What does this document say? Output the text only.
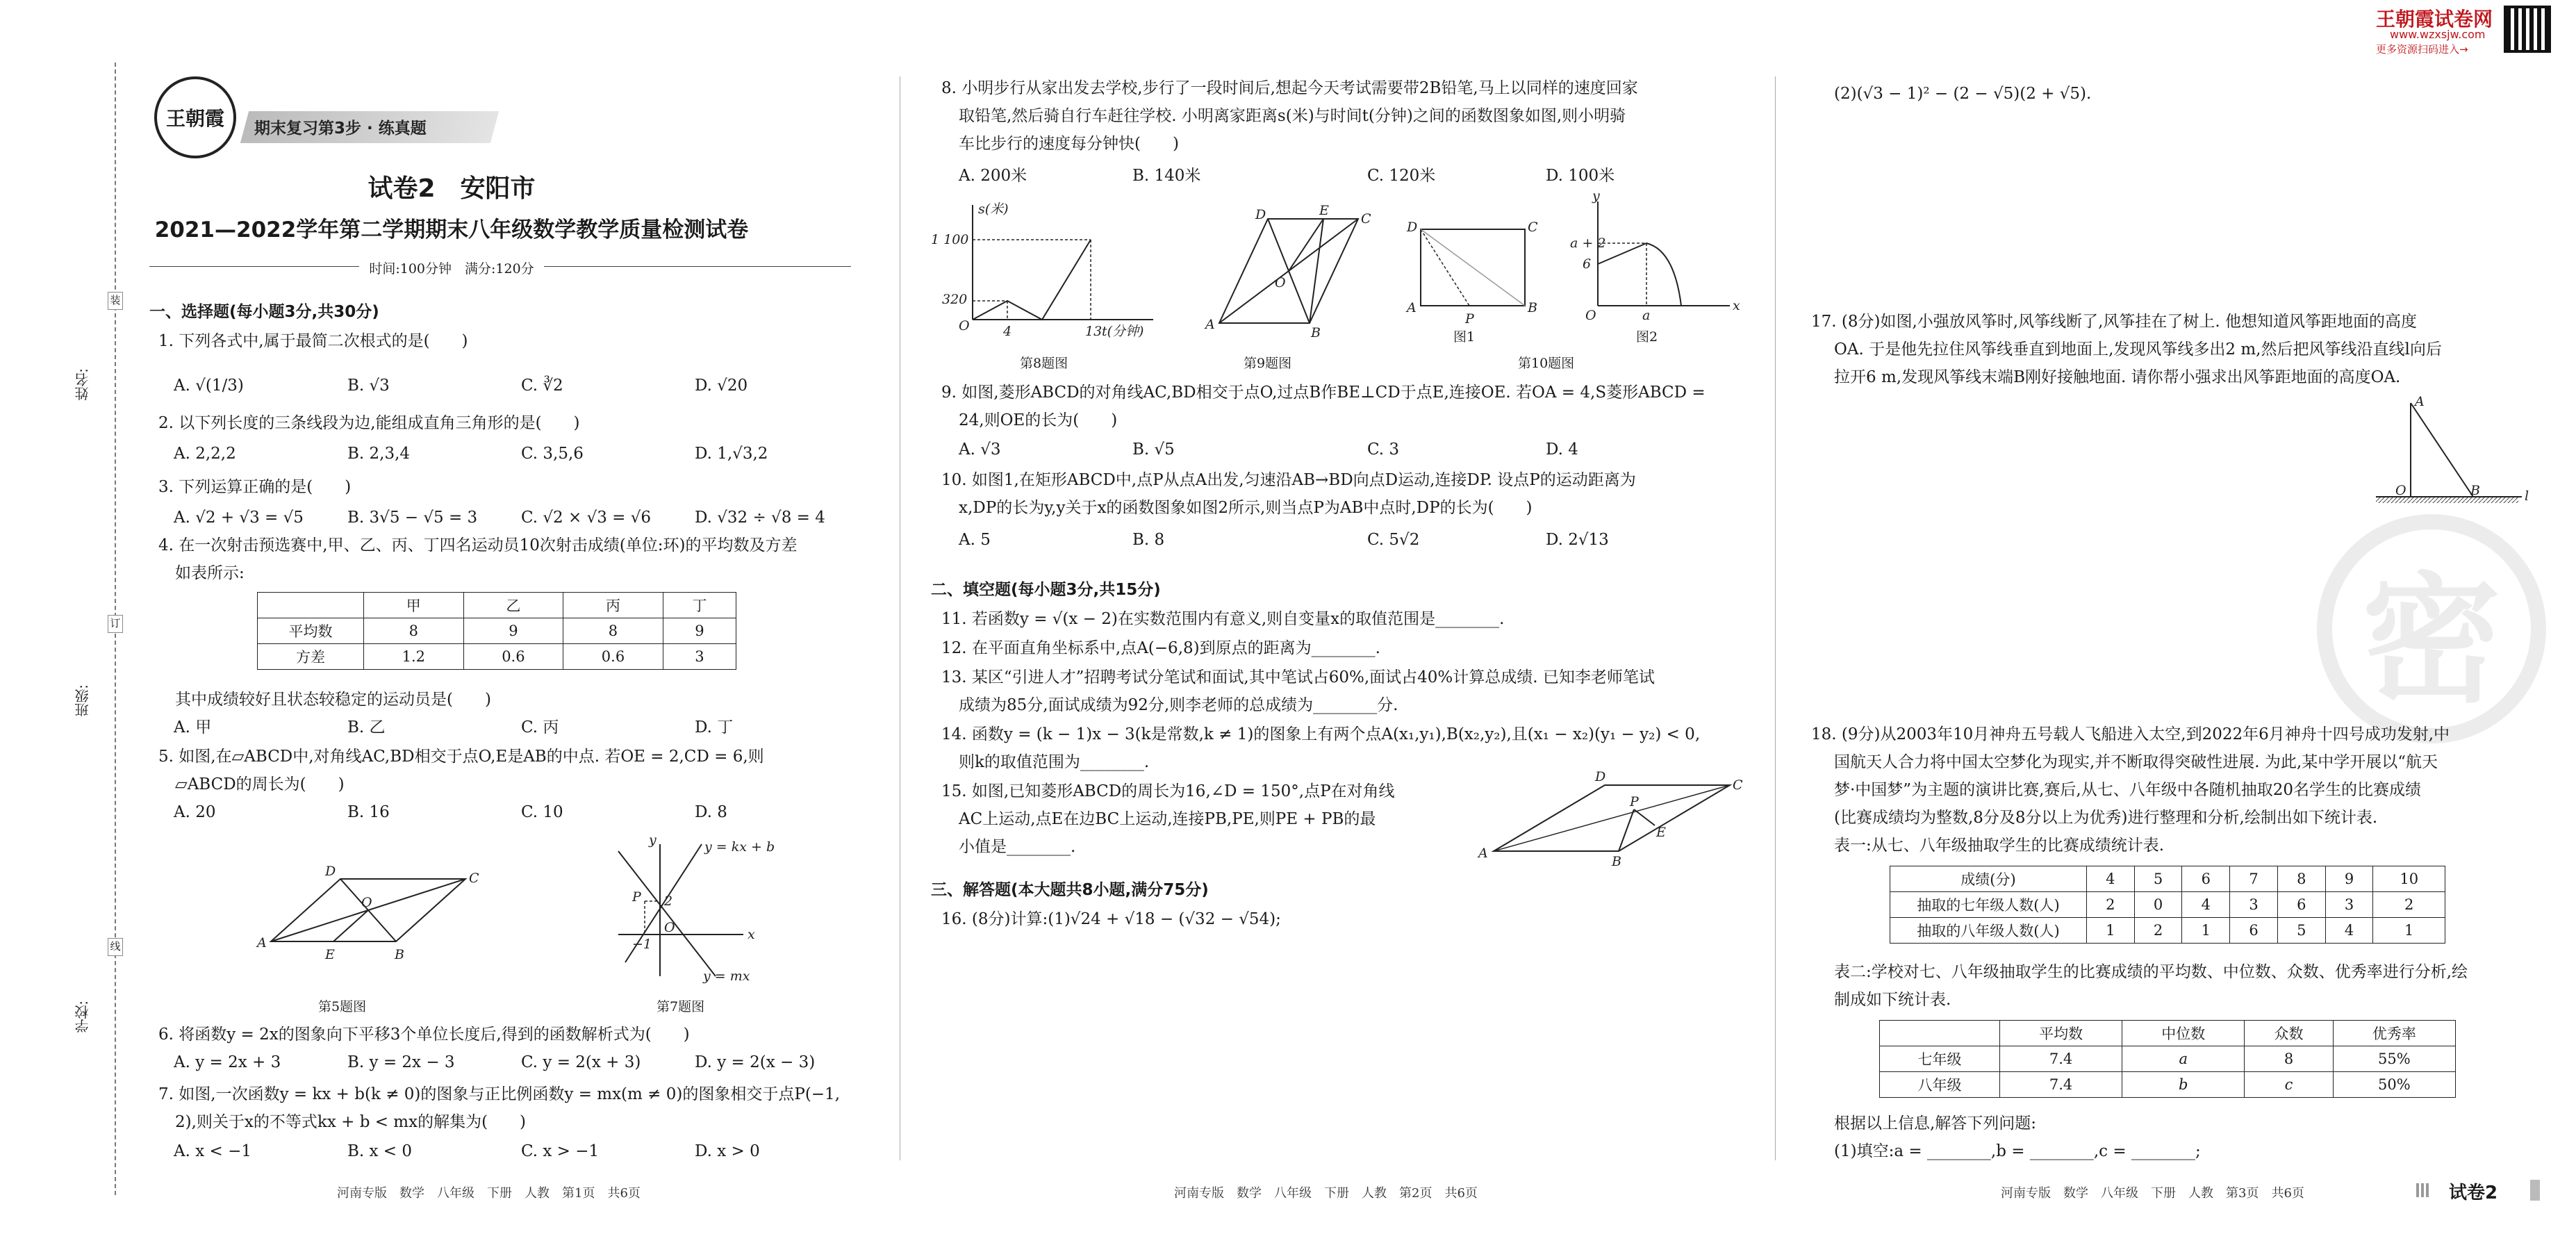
姓名:
班级:
学校:
装
订
线
王朝霞	期末复习第3步 · 练真题
试卷2　安阳市
2021—2022学年第二学期期末八年级数学教学质量检测试卷
时间:100分钟　满分:120分
王朝霞试卷网
www.wzxsjw.com
更多资源扫码进入→
一、选择题(每小题3分,共30分)
1. 下列各式中,属于最简二次根式的是(　　)
A. √(1/3)	B. √3	C. ∛2	D. √20
2. 以下列长度的三条线段为边,能组成直角三角形的是(　　)
A. 2,2,2	B. 2,3,4	C. 3,5,6	D. 1,√3,2
3. 下列运算正确的是(　　)
A. √2 + √3 = √5	B. 3√5 − √5 = 3	C. √2 × √3 = √6	D. √32 ÷ √8 = 4
4. 在一次射击预选赛中,甲、乙、丙、丁四名运动员10次射击成绩(单位:环)的平均数及方差
如表所示:
	甲	乙	丙	丁
平均数	8	9	8	9
方差	1.2	0.6	0.6	3
其中成绩较好且状态较稳定的运动员是(　　)
A. 甲	B. 乙	C. 丙	D. 丁
5. 如图,在▱ABCD中,对角线AC,BD相交于点O,E是AB的中点. 若OE = 2,CD = 6,则
▱ABCD的周长为(　　)
A. 20	B. 16	C. 10	D. 8
A
E	B
C
D
O
第5题图
P 2
O
−1
y = kx + b
y = mx
x
y
第7题图
6. 将函数y = 2x的图象向下平移3个单位长度后,得到的函数解析式为(　　)
A. y = 2x + 3	B. y = 2x − 3	C. y = 2(x + 3)	D. y = 2(x − 3)
7. 如图,一次函数y = kx + b(k ≠ 0)的图象与正比例函数y = mx(m ≠ 0)的图象相交于点P(−1,
2),则关于x的不等式kx + b < mx的解集为(　　)
A. x < −1	B. x < 0	C. x > −1	D. x > 0
河南专版　数学　八年级　下册　人教　第1页　共6页
8. 小明步行从家出发去学校,步行了一段时间后,想起今天考试需要带2B铅笔,马上以同样的速度回家
取铅笔,然后骑自行车赶往学校. 小明离家距离s(米)与时间t(分钟)之间的函数图象如图,则小明骑
车比步行的速度每分钟快(　　)
A. 200米	B. 140米	C. 120米	D. 100米
s(米)
1 100
320
O	4	13 t(分钟)
第8题图
A
B
C
D	E
O
第9题图
D	C
A	B
P
a + 2
6
O	a
x
y
图1	图2
第10题图
9. 如图,菱形ABCD的对角线AC,BD相交于点O,过点B作BE⊥CD于点E,连接OE. 若OA = 4,S菱形ABCD =
24,则OE的长为(　　)
A. √3	B. √5	C. 3	D. 4
10. 如图1,在矩形ABCD中,点P从点A出发,匀速沿AB→BD向点D运动,连接DP. 设点P的运动距离为
x,DP的长为y,y关于x的函数图象如图2所示,则当点P为AB中点时,DP的长为(　　)
A. 5	B. 8	C. 5√2	D. 2√13
二、填空题(每小题3分,共15分)
11. 若函数y = √(x − 2)在实数范围内有意义,则自变量x的取值范围是________.
12. 在平面直角坐标系中,点A(−6,8)到原点的距离为________.
13. 某区“引进人才”招聘考试分笔试和面试,其中笔试占60%,面试占40%计算总成绩. 已知李老师笔试
成绩为85分,面试成绩为92分,则李老师的总成绩为________分.
14. 函数y = (k − 1)x − 3(k是常数,k ≠ 1)的图象上有两个点A(x₁,y₁),B(x₂,y₂),且(x₁ − x₂)(y₁ − y₂) < 0,
则k的取值范围为________.
15. 如图,已知菱形ABCD的周长为16,∠D = 150°,点P在对角线
AC上运动,点E在边BC上运动,连接PB,PE,则PE + PB的最
小值是________.	A
B
C
D
P
E
三、解答题(本大题共8小题,满分75分)
16. (8分)计算:(1)√24 + √18 − (√32 − √54);
河南专版　数学　八年级　下册　人教　第2页　共6页
(2)(√3 − 1)² − (2 − √5)(2 + √5).
17. (8分)如图,小强放风筝时,风筝线断了,风筝挂在了树上. 他想知道风筝距地面的高度
OA. 于是他先拉住风筝线垂直到地面上,发现风筝线多出2 m,然后把风筝线沿直线l向后
拉开6 m,发现风筝线末端B刚好接触地面. 请你帮小强求出风筝距地面的高度OA.
密
A
O	B	l
18. (9分)从2003年10月神舟五号载人飞船进入太空,到2022年6月神舟十四号成功发射,中
国航天人合力将中国太空梦化为现实,并不断取得突破性进展. 为此,某中学开展以“航天
梦·中国梦”为主题的演讲比赛,赛后,从七、八年级中各随机抽取20名学生的比赛成绩
(比赛成绩均为整数,8分及8分以上为优秀)进行整理和分析,绘制出如下统计表.
表一:从七、八年级抽取学生的比赛成绩统计表.
成绩(分)	4	5	6	7	8	9	10
抽取的七年级人数(人)	2	0	4	3	6	3	2
抽取的八年级人数(人)	1	2	1	6	5	4	1
表二:学校对七、八年级抽取学生的比赛成绩的平均数、中位数、众数、优秀率进行分析,绘
制成如下统计表.
	平均数	中位数	众数	优秀率
七年级	7.4	a	8	55%
八年级	7.4	b	c	50%
根据以上信息,解答下列问题:
(1)填空:a = ________,b = ________,c = ________;
河南专版　数学　八年级　下册　人教　第3页　共6页	试卷2
